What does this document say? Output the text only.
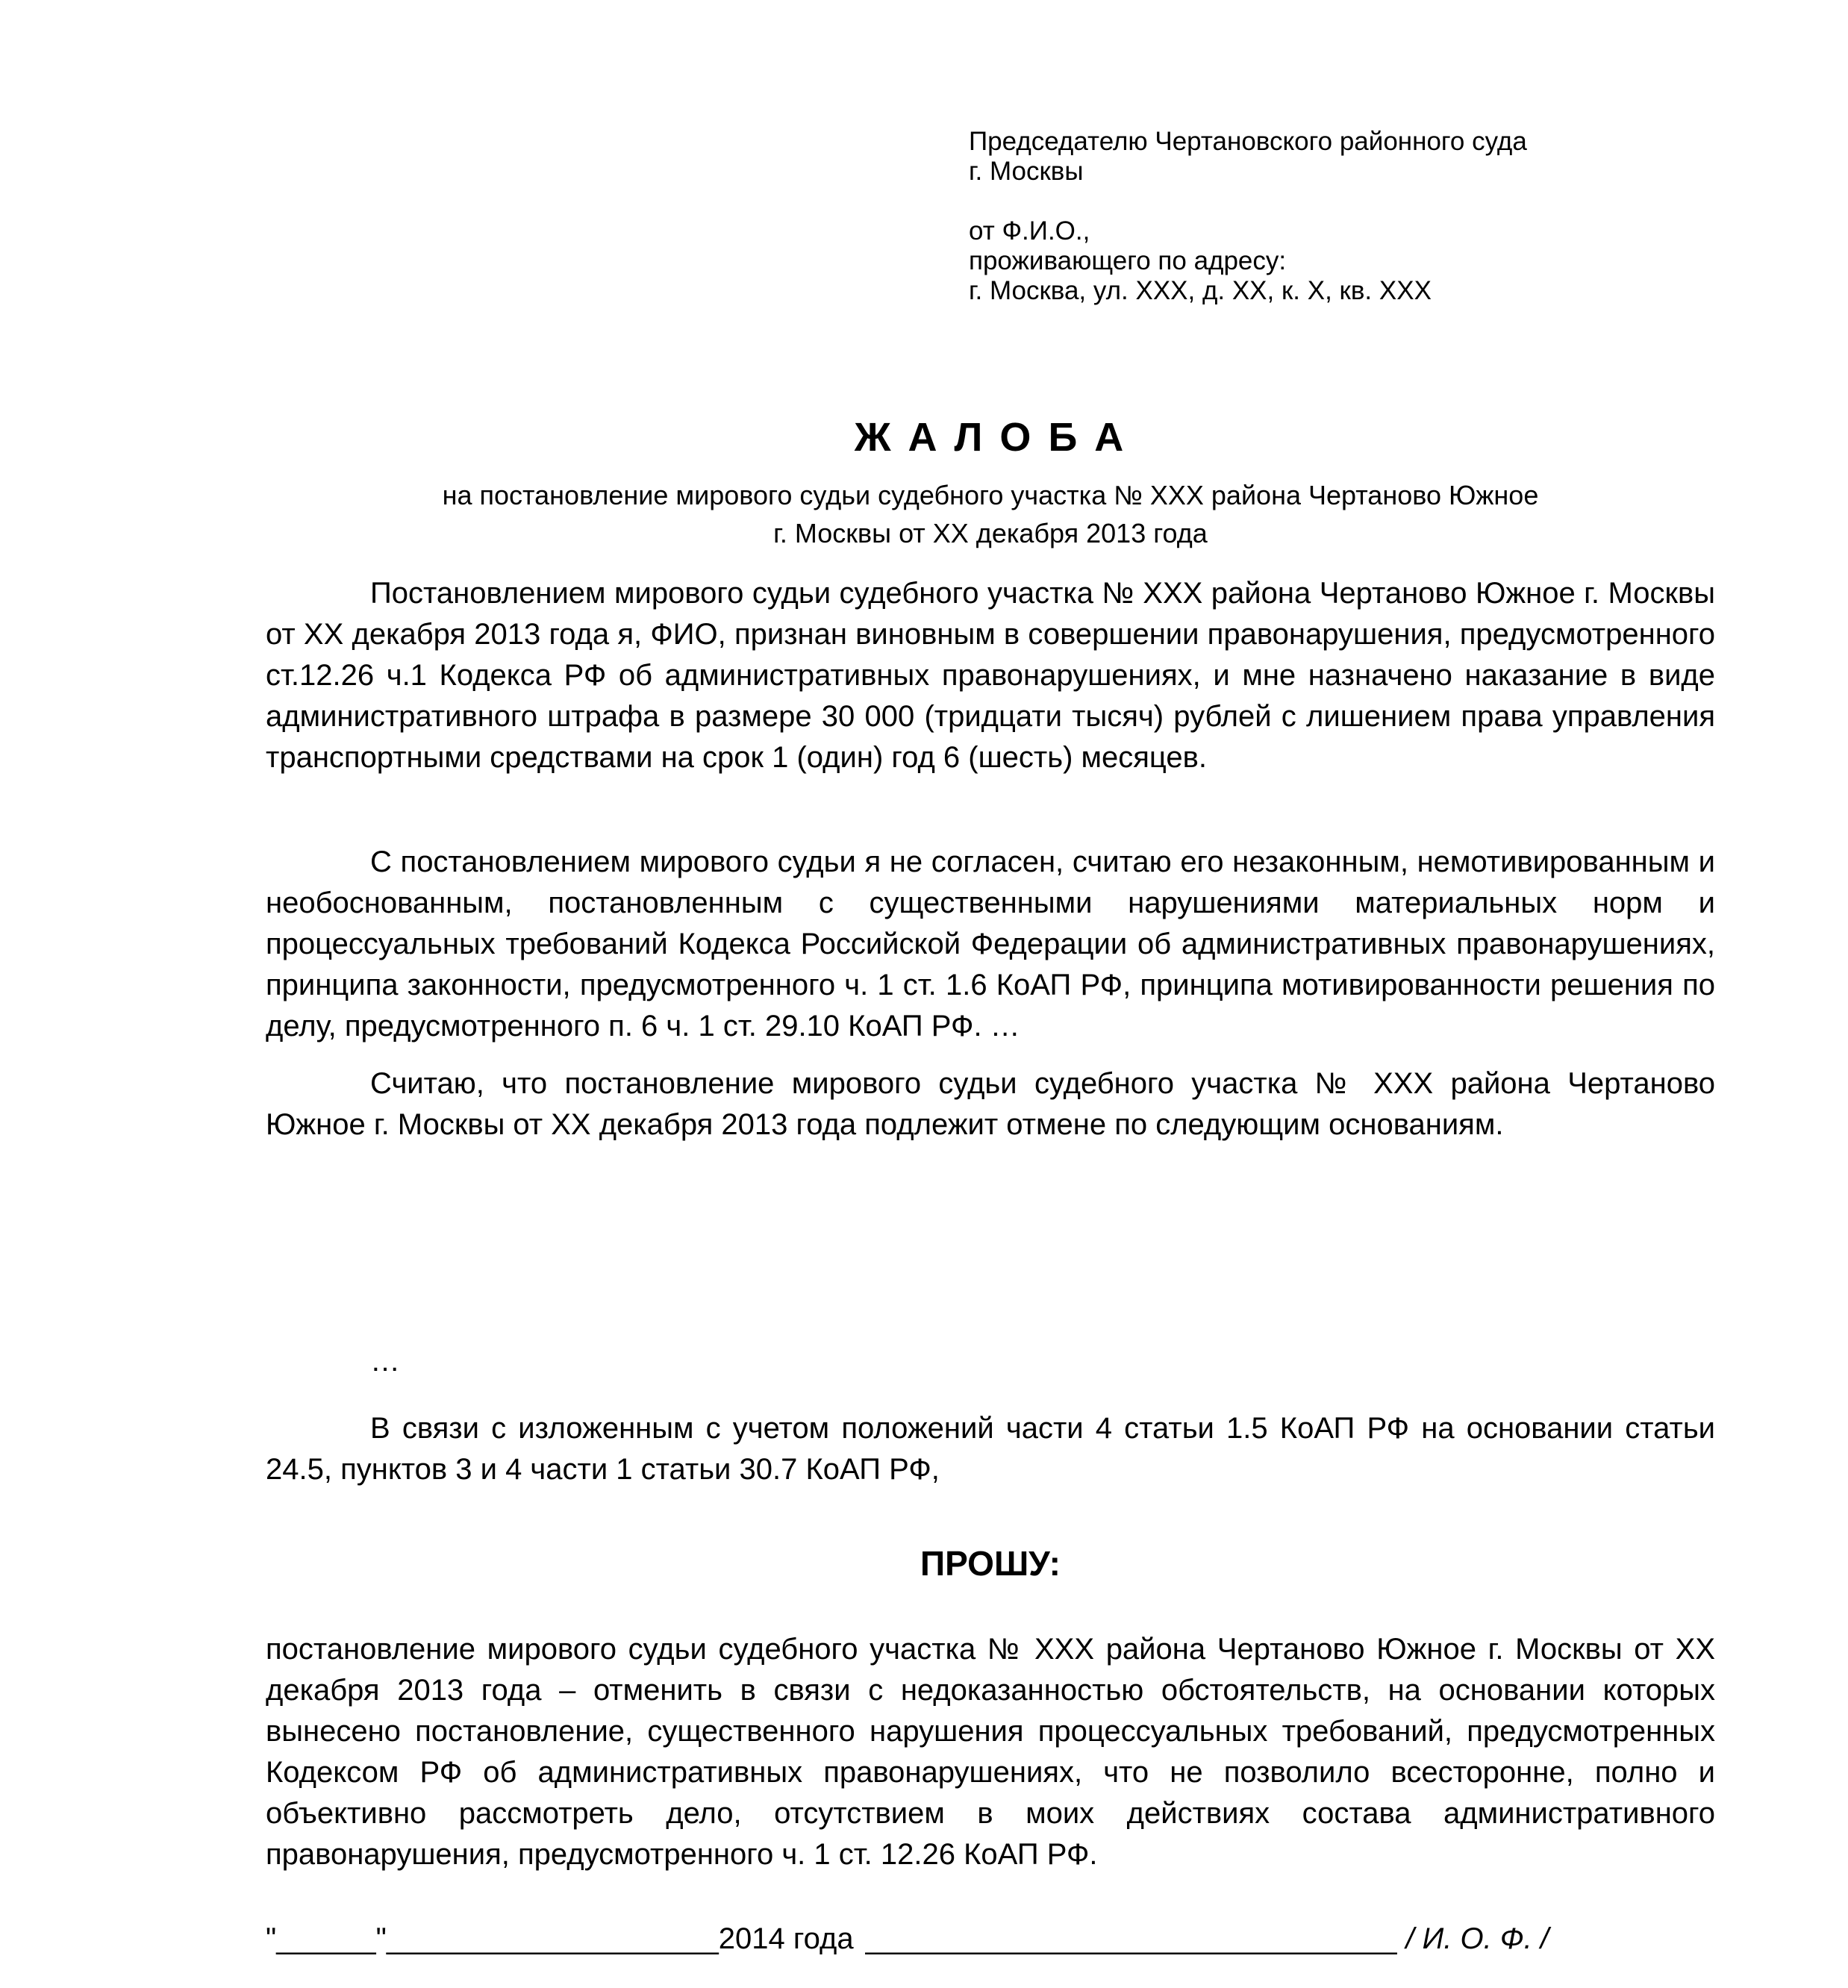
Председателю Чертановского районного суда
г. Москвы
от Ф.И.О.,
проживающего по адресу:
г. Москва, ул. ХХХ, д. ХХ, к. Х, кв. ХХХ
Ж А Л О Б А
на постановление мирового судьи судебного участка № ХХХ района Чертаново Южное
г. Москвы от ХХ декабря 2013 года

Постановлением мирового судьи судебного участка № ХХХ района Чертаново Южное г. Москвы от ХХ декабря 2013 года я, ФИО, признан виновным в совершении правонарушения, предусмотренного ст.12.26 ч.1 Кодекса РФ об административных правонарушениях, и мне назначено наказание в виде административного штрафа в размере 30 000 (тридцати тысяч) рублей с лишением права управления транспортными средствами на срок 1 (один) год 6 (шесть) месяцев.

С постановлением мирового судьи я не согласен, считаю его незаконным, немотивированным и необоснованным, постановленным с существенными нарушениями материальных норм и процессуальных требований Кодекса Российской Федерации об административных правонарушениях, принципа законности, предусмотренного ч. 1 ст. 1.6 КоАП РФ, принципа мотивированности решения по делу, предусмотренного п. 6 ч. 1 ст. 29.10 КоАП РФ. …

Считаю, что постановление мирового судьи судебного участка № ХХХ района Чертаново Южное г. Москвы от ХХ декабря 2013 года подлежит отмене по следующим основаниям.

…

В связи с изложенным с учетом положений части 4 статьи 1.5 КоАП РФ на основании статьи 24.5, пунктов 3 и 4 части 1 статьи 30.7 КоАП РФ,

ПРОШУ:

постановление мирового судьи судебного участка № ХХХ района Чертаново Южное г. Москвы от ХХ декабря 2013 года – отменить в связи с недоказанностью обстоятельств, на основании которых вынесено постановление, существенного нарушения процессуальных требований, предусмотренных Кодексом РФ об административных правонарушениях, что не позволило всесторонне, полно и объективно рассмотреть дело, отсутствием в моих действиях состава административного правонарушения, предусмотренного ч. 1 ст. 12.26 КоАП РФ.

"______"____________________2014 года ________________________________ / И. О. Ф. /
